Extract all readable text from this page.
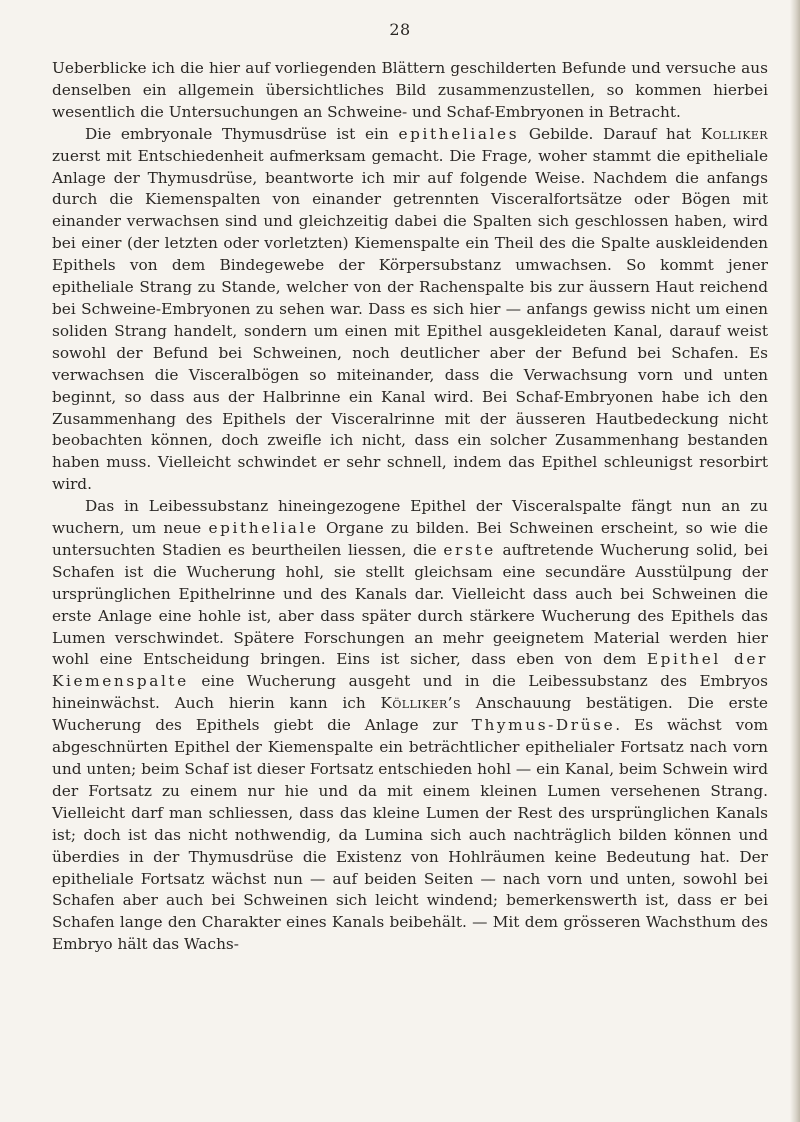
28

Ueberblicke ich die hier auf vorliegenden Blättern geschilderten Befunde und versuche aus denselben ein allgemein übersichtliches Bild zusammenzustellen, so kommen hierbei wesentlich die Untersuchungen an Schweine- und Schaf-Embryonen in Betracht.

Die embryonale Thymusdrüse ist ein epitheliales Gebilde. Darauf hat Kolliker zuerst mit Entschiedenheit aufmerksam gemacht. Die Frage, woher stammt die epitheliale Anlage der Thymusdrüse, beantworte ich mir auf folgende Weise. Nachdem die anfangs durch die Kiemenspalten von einander getrennten Visceralfortsätze oder Bögen mit einander verwachsen sind und gleichzeitig dabei die Spalten sich geschlossen haben, wird bei einer (der letzten oder vorletzten) Kiemenspalte ein Theil des die Spalte auskleidenden Epithels von dem Bindegewebe der Körpersubstanz umwachsen. So kommt jener epitheliale Strang zu Stande, welcher von der Rachenspalte bis zur äussern Haut reichend bei Schweine-Embryonen zu sehen war. Dass es sich hier — anfangs gewiss nicht um einen soliden Strang handelt, sondern um einen mit Epithel ausgekleideten Kanal, darauf weist sowohl der Befund bei Schweinen, noch deutlicher aber der Befund bei Schafen. Es verwachsen die Visceralbögen so miteinander, dass die Verwachsung vorn und unten beginnt, so dass aus der Halbrinne ein Kanal wird. Bei Schaf-Embryonen habe ich den Zusammenhang des Epithels der Visceralrinne mit der äusseren Hautbedeckung nicht beobachten können, doch zweifle ich nicht, dass ein solcher Zusammenhang bestanden haben muss. Vielleicht schwindet er sehr schnell, indem das Epithel schleunigst resorbirt wird.

Das in Leibessubstanz hineingezogene Epithel der Visceralspalte fängt nun an zu wuchern, um neue epitheliale Organe zu bilden. Bei Schweinen erscheint, so wie die untersuchten Stadien es beurtheilen liessen, die erste auftretende Wucherung solid, bei Schafen ist die Wucherung hohl, sie stellt gleichsam eine secundäre Ausstülpung der ursprünglichen Epithelrinne und des Kanals dar. Vielleicht dass auch bei Schweinen die erste Anlage eine hohle ist, aber dass später durch stärkere Wucherung des Epithels das Lumen verschwindet. Spätere Forschungen an mehr geeignetem Material werden hier wohl eine Entscheidung bringen. Eins ist sicher, dass eben von dem Epithel der Kiemenspalte eine Wucherung ausgeht und in die Leibessubstanz des Embryos hineinwächst. Auch hierin kann ich Kölliker’s Anschauung bestätigen. Die erste Wucherung des Epithels giebt die Anlage zur Thymus-Drüse. Es wächst vom abgeschnürten Epithel der Kiemenspalte ein beträchtlicher epithelialer Fortsatz nach vorn und unten; beim Schaf ist dieser Fortsatz entschieden hohl — ein Kanal, beim Schwein wird der Fortsatz zu einem nur hie und da mit einem kleinen Lumen versehenen Strang. Vielleicht darf man schliessen, dass das kleine Lumen der Rest des ursprünglichen Kanals ist; doch ist das nicht nothwendig, da Lumina sich auch nachträglich bilden können und überdies in der Thymusdrüse die Existenz von Hohlräumen keine Bedeutung hat. Der epitheliale Fortsatz wächst nun — auf beiden Seiten — nach vorn und unten, sowohl bei Schafen aber auch bei Schweinen sich leicht windend; bemerkenswerth ist, dass er bei Schafen lange den Charakter eines Kanals beibehält. — Mit dem grösseren Wachsthum des Embryo hält das Wachs-
